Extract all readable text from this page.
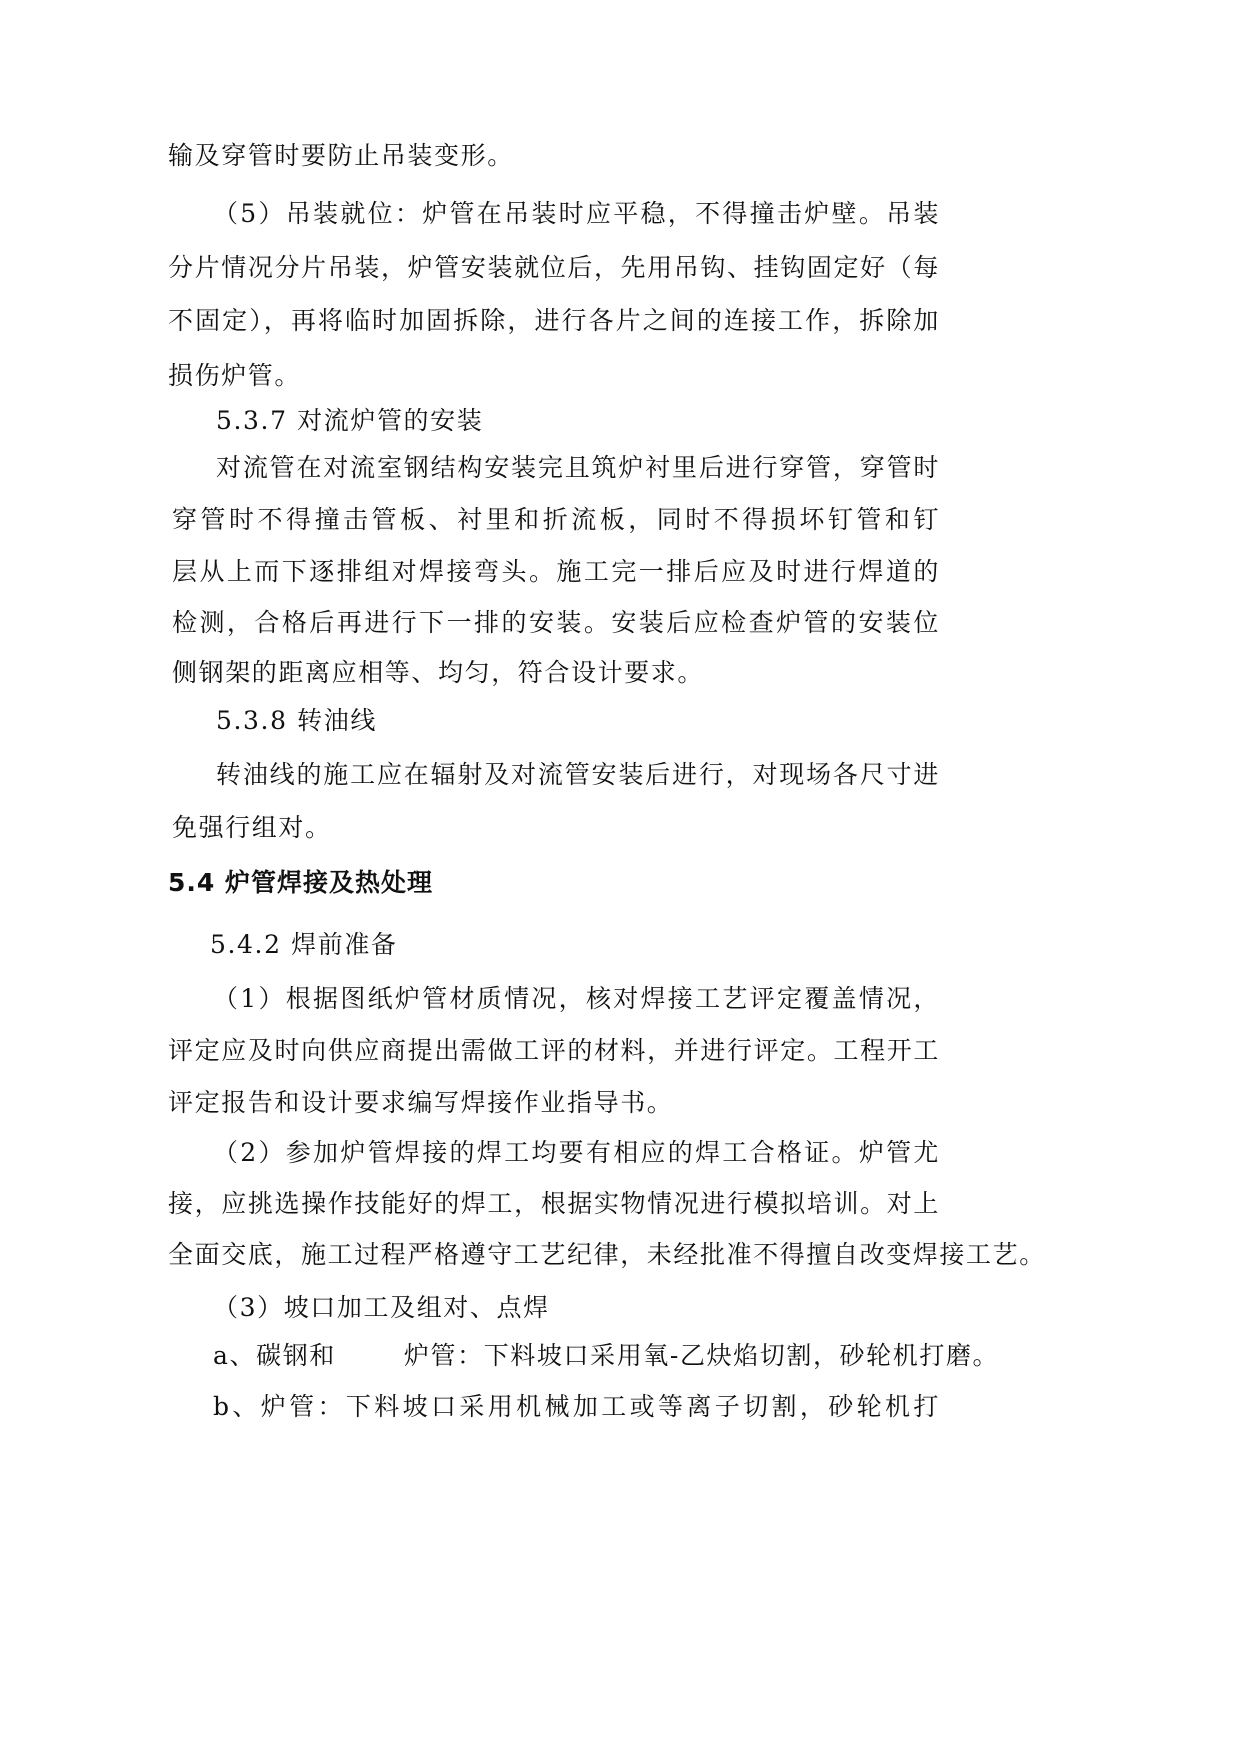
输及穿管时要防止吊装变形。
（5）吊装就位：炉管在吊装时应平稳，不得撞击炉壁。吊装
分片情况分片吊装，炉管安装就位后，先用吊钩、挂钩固定好（每
不固定），再将临时加固拆除，进行各片之间的连接工作，拆除加
损伤炉管。
5.3.7 对流炉管的安装
对流管在对流室钢结构安装完且筑炉衬里后进行穿管，穿管时
穿管时不得撞击管板、衬里和折流板，同时不得损坏钉管和钉
层从上而下逐排组对焊接弯头。施工完一排后应及时进行焊道的
检测，合格后再进行下一排的安装。安装后应检查炉管的安装位
侧钢架的距离应相等、均匀，符合设计要求。
5.3.8 转油线
转油线的施工应在辐射及对流管安装后进行，对现场各尺寸进
免强行组对。
5.4 炉管焊接及热处理
5.4.2 焊前准备
（1）根据图纸炉管材质情况，核对焊接工艺评定覆盖情况，
评定应及时向供应商提出需做工评的材料，并进行评定。工程开工
评定报告和设计要求编写焊接作业指导书。
（2）参加炉管焊接的焊工均要有相应的焊工合格证。炉管尤
接，应挑选操作技能好的焊工，根据实物情况进行模拟培训。对上
全面交底，施工过程严格遵守工艺纪律，未经批准不得擅自改变焊接工艺。
（3）坡口加工及组对、点焊
a、碳钢和	炉管：下料坡口采用氧-乙炔焰切割，砂轮机打磨。
b、炉管：下料坡口采用机械加工或等离子切割，砂轮机打
